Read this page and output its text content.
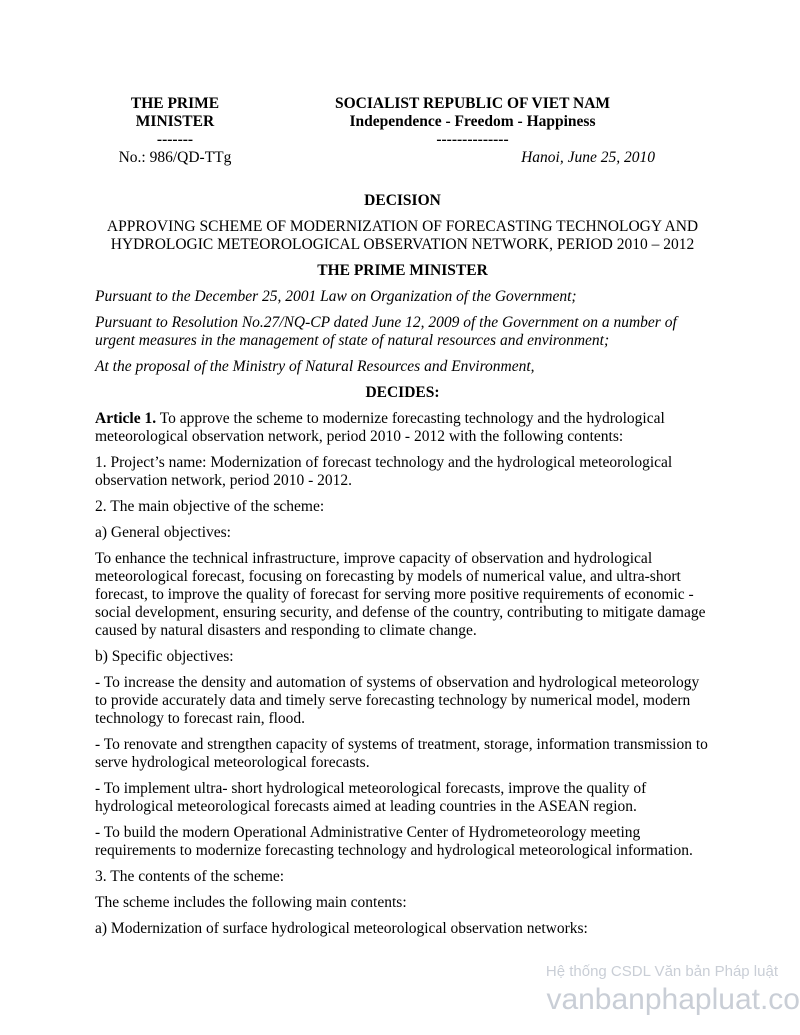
THE PRIME MINISTER
-------
SOCIALIST REPUBLIC OF VIET NAM
Independence - Freedom - Happiness
--------------
No.: 986/QD-TTg	Hanoi, June 25, 2010
DECISION
APPROVING SCHEME OF MODERNIZATION OF FORECASTING TECHNOLOGY AND
HYDROLOGIC METEOROLOGICAL OBSERVATION NETWORK, PERIOD 2010 – 2012
THE PRIME MINISTER
Pursuant to the December 25, 2001 Law on Organization of the Government;
Pursuant to Resolution No.27/NQ-CP dated June 12, 2009 of the Government on a number of urgent measures in the management of state of natural resources and environment;
At the proposal of the Ministry of Natural Resources and Environment,
DECIDES:

Article 1. To approve the scheme to modernize forecasting technology and the hydrological meteorological observation network, period 2010 - 2012 with the following contents:

1. Project’s name: Modernization of forecast technology and the hydrological meteorological observation network, period 2010 - 2012.

2. The main objective of the scheme:

a) General objectives:

To enhance the technical infrastructure, improve capacity of observation and hydrological meteorological forecast, focusing on forecasting by models of numerical value, and ultra-short forecast, to improve the quality of forecast for serving more positive requirements of economic - social development, ensuring security, and defense of the country, contributing to mitigate damage caused by natural disasters and responding to climate change.

b) Specific objectives:

- To increase the density and automation of systems of observation and hydrological meteorology to provide accurately data and timely serve forecasting technology by numerical model, modern technology to forecast rain, flood.

- To renovate and strengthen capacity of systems of treatment, storage, information transmission to serve hydrological meteorological forecasts.

- To implement ultra- short hydrological meteorological forecasts, improve the quality of hydrological meteorological forecasts aimed at leading countries in the ASEAN region.

- To build the modern Operational Administrative Center of Hydrometeorology meeting requirements to modernize forecasting technology and hydrological meteorological information.

3. The contents of the scheme:

The scheme includes the following main contents:

a) Modernization of surface hydrological meteorological observation networks:

Hệ thống CSDL Văn bản Pháp luật
vanbanphapluat.co
